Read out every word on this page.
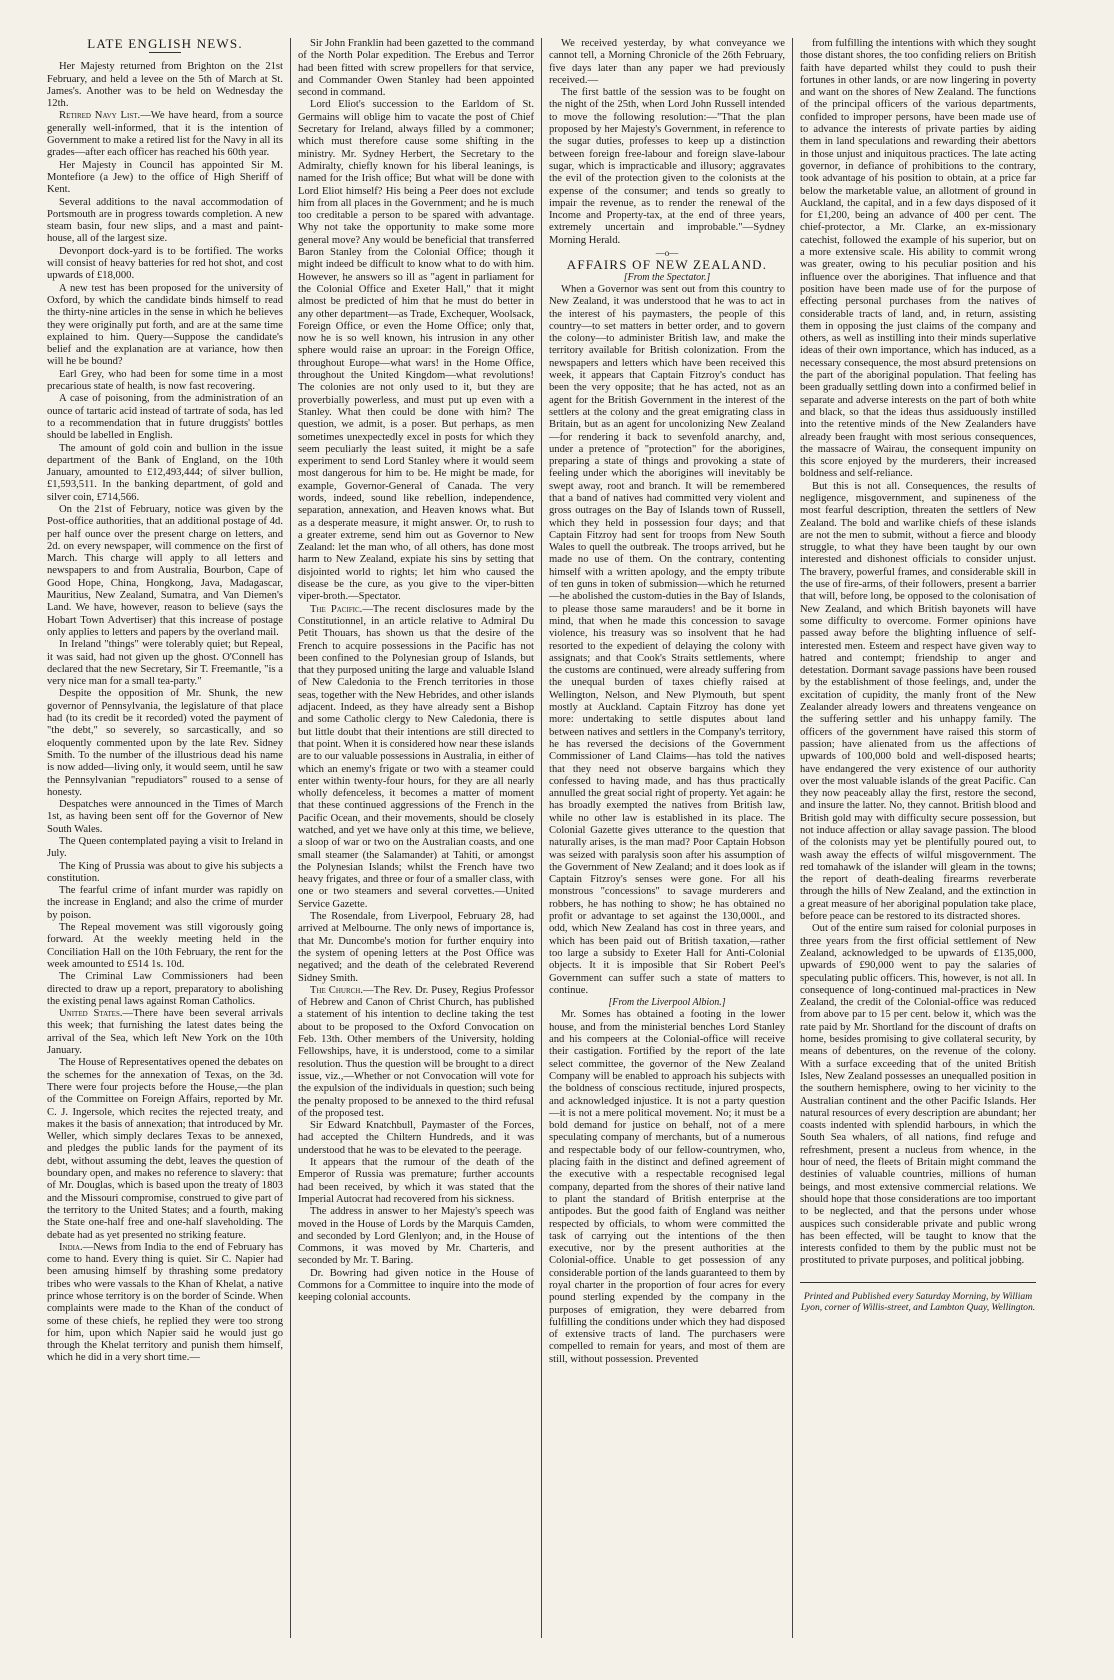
LATE ENGLISH NEWS.

Her Majesty returned from Brighton on the 21st February, and held a levee on the 5th of March at St. James's. Another was to be held on Wednesday the 12th.

Retired Navy List.—We have heard, from a source generally well-informed, that it is the intention of Government to make a retired list for the Navy in all its grades—after each officer has reached his 60th year.

Her Majesty in Council has appointed Sir M. Montefiore (a Jew) to the office of High Sheriff of Kent.

Several additions to the naval accommodation of Portsmouth are in progress towards completion. A new steam basin, four new slips, and a mast and paint-house, all of the largest size.

Devonport dock-yard is to be fortified. The works will consist of heavy batteries for red hot shot, and cost upwards of £18,000.

A new test has been proposed for the university of Oxford, by which the candidate binds himself to read the thirty-nine articles in the sense in which he believes they were originally put forth, and are at the same time explained to him. Query—Suppose the candidate's belief and the explanation are at variance, how then will he be bound?

Earl Grey, who had been for some time in a most precarious state of health, is now fast recovering.

A case of poisoning, from the administration of an ounce of tartaric acid instead of tartrate of soda, has led to a recommendation that in future druggists' bottles should be labelled in English.

The amount of gold coin and bullion in the issue department of the Bank of England, on the 10th January, amounted to £12,493,444; of silver bullion, £1,593,511. In the banking department, of gold and silver coin, £714,566.

On the 21st of February, notice was given by the Post-office authorities, that an additional postage of 4d. per half ounce over the present charge on letters, and 2d. on every newspaper, will commence on the first of March. This charge will apply to all letters and newspapers to and from Australia, Bourbon, Cape of Good Hope, China, Hongkong, Java, Madagascar, Mauritius, New Zealand, Sumatra, and Van Diemen's Land. We have, however, reason to believe (says the Hobart Town Advertiser) that this increase of postage only applies to letters and papers by the overland mail.

In Ireland "things" were tolerably quiet; but Repeal, it was said, had not given up the ghost. O'Connell has declared that the new Secretary, Sir T. Freemantle, "is a very nice man for a small tea-party."

Despite the opposition of Mr. Shunk, the new governor of Pennsylvania, the legislature of that place had (to its credit be it recorded) voted the payment of "the debt," so severely, so sarcastically, and so eloquently commented upon by the late Rev. Sidney Smith. To the number of the illustrious dead his name is now added—living only, it would seem, until he saw the Pennsylvanian "repudiators" roused to a sense of honesty.

Despatches were announced in the Times of March 1st, as having been sent off for the Governor of New South Wales.

The Queen contemplated paying a visit to Ireland in July.

The King of Prussia was about to give his subjects a constitution.

The fearful crime of infant murder was rapidly on the increase in England; and also the crime of murder by poison.

The Repeal movement was still vigorously going forward. At the weekly meeting held in the Conciliation Hall on the 10th February, the rent for the week amounted to £514 1s. 10d.

The Criminal Law Commissioners had been directed to draw up a report, preparatory to abolishing the existing penal laws against Roman Catholics.

United States.—There have been several arrivals this week; that furnishing the latest dates being the arrival of the Sea, which left New York on the 10th January.

The House of Representatives opened the debates on the schemes for the annexation of Texas, on the 3d. There were four projects before the House,—the plan of the Committee on Foreign Affairs, reported by Mr. C. J. Ingersole, which recites the rejected treaty, and makes it the basis of annexation; that introduced by Mr. Weller, which simply declares Texas to be annexed, and pledges the public lands for the payment of its debt, without assuming the debt, leaves the question of boundary open, and makes no reference to slavery: that of Mr. Douglas, which is based upon the treaty of 1803 and the Missouri compromise, construed to give part of the territory to the United States; and a fourth, making the State one-half free and one-half slaveholding. The debate had as yet presented no striking feature.

India.—News from India to the end of February has come to hand. Every thing is quiet. Sir C. Napier had been amusing himself by thrashing some predatory tribes who were vassals to the Khan of Khelat, a native prince whose territory is on the border of Scinde. When complaints were made to the Khan of the conduct of some of these chiefs, he replied they were too strong for him, upon which Napier said he would just go through the Khelat territory and punish them himself, which he did in a very short time.—

Sir John Franklin had been gazetted to the command of the North Polar expedition. The Erebus and Terror had been fitted with screw propellers for that service, and Commander Owen Stanley had been appointed second in command.

Lord Eliot's succession to the Earldom of St. Germains will oblige him to vacate the post of Chief Secretary for Ireland, always filled by a commoner; which must therefore cause some shifting in the ministry. Mr. Sydney Herbert, the Secretary to the Admiralty, chiefly known for his liberal leanings, is named for the Irish office; But what will be done with Lord Eliot himself? His being a Peer does not exclude him from all places in the Government; and he is much too creditable a person to be spared with advantage. Why not take the opportunity to make some more general move? Any would be beneficial that transferred Baron Stanley from the Colonial Office; though it might indeed be difficult to know what to do with him. However, he answers so ill as "agent in parliament for the Colonial Office and Exeter Hall," that it might almost be predicted of him that he must do better in any other department—as Trade, Exchequer, Woolsack, Foreign Office, or even the Home Office; only that, now he is so well known, his intrusion in any other sphere would raise an uproar: in the Foreign Office, throughout Europe—what wars! in the Home Office, throughout the United Kingdom—what revolutions! The colonies are not only used to it, but they are proverbially powerless, and must put up even with a Stanley. What then could be done with him? The question, we admit, is a poser. But perhaps, as men sometimes unexpectedly excel in posts for which they seem peculiarly the least suited, it might be a safe experiment to send Lord Stanley where it would seem most dangerous for him to be. He might be made, for example, Governor-General of Canada. The very words, indeed, sound like rebellion, independence, separation, annexation, and Heaven knows what. But as a desperate measure, it might answer. Or, to rush to a greater extreme, send him out as Governor to New Zealand: let the man who, of all others, has done most harm to New Zealand, expiate his sins by setting that disjointed world to rights; let him who caused the disease be the cure, as you give to the viper-bitten viper-broth.—Spectator.

The Pacific.—The recent disclosures made by the Constitutionnel, in an article relative to Admiral Du Petit Thouars, has shown us that the desire of the French to acquire possessions in the Pacific has not been confined to the Polynesian group of Islands, but that they purposed uniting the large and valuable Island of New Caledonia to the French territories in those seas, together with the New Hebrides, and other islands adjacent. Indeed, as they have already sent a Bishop and some Catholic clergy to New Caledonia, there is but little doubt that their intentions are still directed to that point. When it is considered how near these islands are to our valuable possessions in Australia, in either of which an enemy's frigate or two with a steamer could enter within twenty-four hours, for they are all nearly wholly defenceless, it becomes a matter of moment that these continued aggressions of the French in the Pacific Ocean, and their movements, should be closely watched, and yet we have only at this time, we believe, a sloop of war or two on the Australian coasts, and one small steamer (the Salamander) at Tahiti, or amongst the Polynesian Islands; whilst the French have two heavy frigates, and three or four of a smaller class, with one or two steamers and several corvettes.—United Service Gazette.

The Rosendale, from Liverpool, February 28, had arrived at Melbourne. The only news of importance is, that Mr. Duncombe's motion for further enquiry into the system of opening letters at the Post Office was negatived; and the death of the celebrated Reverend Sidney Smith.

The Church.—The Rev. Dr. Pusey, Regius Professor of Hebrew and Canon of Christ Church, has published a statement of his intention to decline taking the test about to be proposed to the Oxford Convocation on Feb. 13th. Other members of the University, holding Fellowships, have, it is understood, come to a similar resolution. Thus the question will be brought to a direct issue, viz.,—Whether or not Convocation will vote for the expulsion of the individuals in question; such being the penalty proposed to be annexed to the third refusal of the proposed test.

Sir Edward Knatchbull, Paymaster of the Forces, had accepted the Chiltern Hundreds, and it was understood that he was to be elevated to the peerage.

It appears that the rumour of the death of the Emperor of Russia was premature; further accounts had been received, by which it was stated that the Imperial Autocrat had recovered from his sickness.

The address in answer to her Majesty's speech was moved in the House of Lords by the Marquis Camden, and seconded by Lord Glenlyon; and, in the House of Commons, it was moved by Mr. Charteris, and seconded by Mr. T. Baring.

Dr. Bowring had given notice in the House of Commons for a Committee to inquire into the mode of keeping colonial accounts.

We received yesterday, by what conveyance we cannot tell, a Morning Chronicle of the 26th February, five days later than any paper we had previously received.—

The first battle of the session was to be fought on the night of the 25th, when Lord John Russell intended to move the following resolution:—"That the plan proposed by her Majesty's Government, in reference to the sugar duties, professes to keep up a distinction between foreign free-labour and foreign slave-labour sugar, which is impracticable and illusory; aggravates the evil of the protection given to the colonists at the expense of the consumer; and tends so greatly to impair the revenue, as to render the renewal of the Income and Property-tax, at the end of three years, extremely uncertain and improbable."—Sydney Morning Herald.

—o—

AFFAIRS OF NEW ZEALAND.

[From the Spectator.]

When a Governor was sent out from this country to New Zealand, it was understood that he was to act in the interest of his paymasters, the people of this country—to set matters in better order, and to govern the colony—to administer British law, and make the territory available for British colonization. From the newspapers and letters which have been received this week, it appears that Captain Fitzroy's conduct has been the very opposite; that he has acted, not as an agent for the British Government in the interest of the settlers at the colony and the great emigrating class in Britain, but as an agent for uncolonizing New Zealand—for rendering it back to sevenfold anarchy, and, under a pretence of "protection" for the aborigines, preparing a state of things and provoking a state of feeling under which the aborigines will inevitably be swept away, root and branch. It will be remembered that a band of natives had committed very violent and gross outrages on the Bay of Islands town of Russell, which they held in possession four days; and that Captain Fitzroy had sent for troops from New South Wales to quell the outbreak. The troops arrived, but he made no use of them. On the contrary, contenting himself with a written apology, and the empty tribute of ten guns in token of submission—which he returned—he abolished the custom-duties in the Bay of Islands, to please those same marauders! and be it borne in mind, that when he made this concession to savage violence, his treasury was so insolvent that he had resorted to the expedient of delaying the colony with assignats; and that Cook's Straits settlements, where the customs are continued, were already suffering from the unequal burden of taxes chiefly raised at Wellington, Nelson, and New Plymouth, but spent mostly at Auckland. Captain Fitzroy has done yet more: undertaking to settle disputes about land between natives and settlers in the Company's territory, he has reversed the decisions of the Government Commissioner of Land Claims—has told the natives that they need not observe bargains which they confessed to having made, and has thus practically annulled the great social right of property. Yet again: he has broadly exempted the natives from British law, while no other law is established in its place. The Colonial Gazette gives utterance to the question that naturally arises, is the man mad? Poor Captain Hobson was seized with paralysis soon after his assumption of the Government of New Zealand; and it does look as if Captain Fitzroy's senses were gone. For all his monstrous "concessions" to savage murderers and robbers, he has nothing to show; he has obtained no profit or advantage to set against the 130,000l., and odd, which New Zealand has cost in three years, and which has been paid out of British taxation,—rather too large a subsidy to Exeter Hall for Anti-Colonial objects. It it is imposible that Sir Robert Peel's Government can suffer such a state of matters to continue.

[From the Liverpool Albion.]

Mr. Somes has obtained a footing in the lower house, and from the ministerial benches Lord Stanley and his compeers at the Colonial-office will receive their castigation. Fortified by the report of the late select committee, the governor of the New Zealand Company will be enabled to approach his subjects with the boldness of conscious rectitude, injured prospects, and acknowledged injustice. It is not a party question—it is not a mere political movement. No; it must be a bold demand for justice on behalf, not of a mere speculating company of merchants, but of a numerous and respectable body of our fellow-countrymen, who, placing faith in the distinct and defined agreement of the executive with a respectable recognised legal company, departed from the shores of their native land to plant the standard of British enterprise at the antipodes. But the good faith of England was neither respected by officials, to whom were committed the task of carrying out the intentions of the then executive, nor by the present authorities at the Colonial-office. Unable to get possession of any considerable portion of the lands guaranteed to them by royal charter in the proportion of four acres for every pound sterling expended by the company in the purposes of emigration, they were debarred from fulfilling the conditions under which they had disposed of extensive tracts of land. The purchasers were compelled to remain for years, and most of them are still, without possession. Prevented

from fulfilling the intentions with which they sought those distant shores, the too confiding reliers on British faith have departed whilst they could to push their fortunes in other lands, or are now lingering in poverty and want on the shores of New Zealand. The functions of the principal officers of the various departments, confided to improper persons, have been made use of to advance the interests of private parties by aiding them in land speculations and rewarding their abettors in those unjust and iniquitous practices. The late acting governor, in defiance of prohibitions to the contrary, took advantage of his position to obtain, at a price far below the marketable value, an allotment of ground in Auckland, the capital, and in a few days disposed of it for £1,200, being an advance of 400 per cent. The chief-protector, a Mr. Clarke, an ex-missionary catechist, followed the example of his superior, but on a more extensive scale. His ability to commit wrong was greater, owing to his peculiar position and his influence over the aborigines. That influence and that position have been made use of for the purpose of effecting personal purchases from the natives of considerable tracts of land, and, in return, assisting them in opposing the just claims of the company and others, as well as instilling into their minds superlative ideas of their own importance, which has induced, as a necessary consequence, the most absurd pretensions on the part of the aboriginal population. That feeling has been gradually settling down into a confirmed belief in separate and adverse interests on the part of both white and black, so that the ideas thus assiduously instilled into the retentive minds of the New Zealanders have already been fraught with most serious consequences, the massacre of Wairau, the consequent impunity on this score enjoyed by the murderers, their increased boldness and self-reliance.

But this is not all. Consequences, the results of negligence, misgovernment, and supineness of the most fearful description, threaten the settlers of New Zealand. The bold and warlike chiefs of these islands are not the men to submit, without a fierce and bloody struggle, to what they have been taught by our own interested and dishonest officials to consider unjust. The bravery, powerful frames, and considerable skill in the use of fire-arms, of their followers, present a barrier that will, before long, be opposed to the colonisation of New Zealand, and which British bayonets will have some difficulty to overcome. Former opinions have passed away before the blighting influence of self-interested men. Esteem and respect have given way to hatred and contempt; friendship to anger and detestation. Dormant savage passions have been roused by the establishment of those feelings, and, under the excitation of cupidity, the manly front of the New Zealander already lowers and threatens vengeance on the suffering settler and his unhappy family. The officers of the government have raised this storm of passion; have alienated from us the affections of upwards of 100,000 bold and well-disposed hearts; have endangered the very existence of our authority over the most valuable islands of the great Pacific. Can they now peaceably allay the first, restore the second, and insure the latter. No, they cannot. British blood and British gold may with difficulty secure possession, but not induce affection or allay savage passion. The blood of the colonists may yet be plentifully poured out, to wash away the effects of wilful misgovernment. The red tomahawk of the islander will gleam in the towns; the report of death-dealing firearms reverberate through the hills of New Zealand, and the extinction in a great measure of her aboriginal population take place, before peace can be restored to its distracted shores.

Out of the entire sum raised for colonial purposes in three years from the first official settlement of New Zealand, acknowledged to be upwards of £135,000, upwards of £90,000 went to pay the salaries of speculating public officers. This, however, is not all. In consequence of long-continued mal-practices in New Zealand, the credit of the Colonial-office was reduced from above par to 15 per cent. below it, which was the rate paid by Mr. Shortland for the discount of drafts on home, besides promising to give collateral security, by means of debentures, on the revenue of the colony. With a surface exceeding that of the united British Isles, New Zealand possesses an unequalled position in the southern hemisphere, owing to her vicinity to the Australian continent and the other Pacific Islands. Her natural resources of every description are abundant; her coasts indented with splendid harbours, in which the South Sea whalers, of all nations, find refuge and refreshment, present a nucleus from whence, in the hour of need, the fleets of Britain might command the destinies of valuable countries, millions of human beings, and most extensive commercial relations. We should hope that those considerations are too important to be neglected, and that the persons under whose auspices such considerable private and public wrong has been effected, will be taught to know that the interests confided to them by the public must not be prostituted to private purposes, and political jobbing.

Printed and Published every Saturday Morning, by William Lyon, corner of Willis-street, and Lambton Quay, Wellington.
